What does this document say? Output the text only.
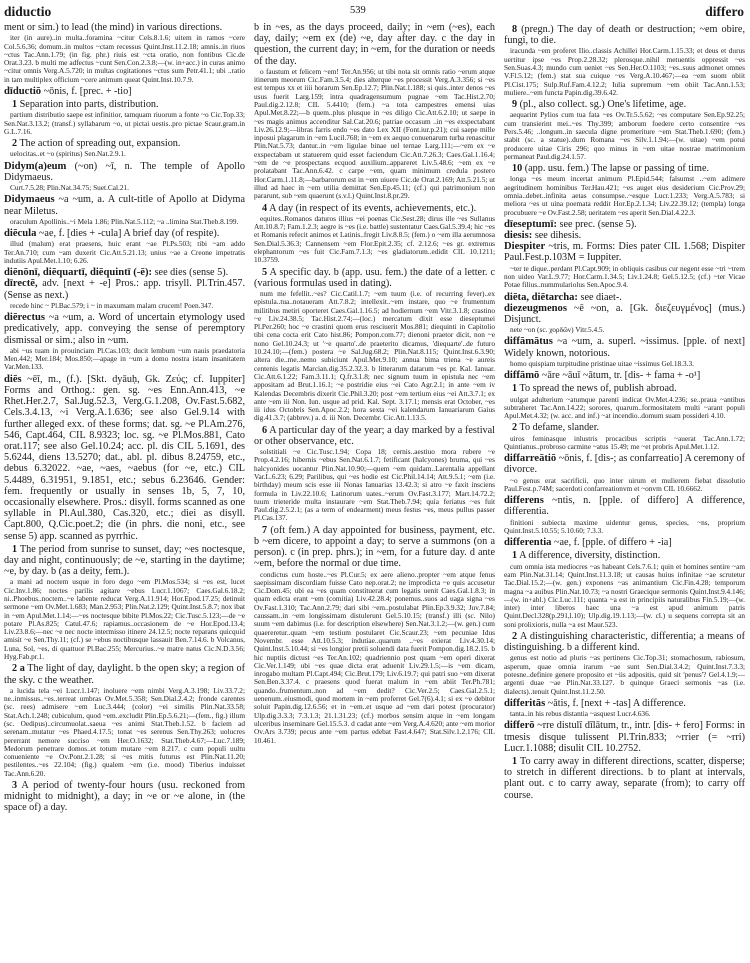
diductio	539	differo

ment or sim.) to lead (the mind) in various directions.

iter (in aure)..in multa..foramina ~citur Cels.8.1.6; uitem in ramos ~cere Col.5.6.36; domum..in multos ~ctam recessus Quint.Inst.11.2.18; amnis..in riuos ~ctus Tac.Ann.1.79; (in fig. phr.) riuis est ~cta oratio, non fontibus Cic.de Orat.3.23. b multi me adfectus ~cunt Sen.Con.2.3.8;—(w. in+acc.) in curas animo ~citur omnis Verg.A.5.720; in multas cogitationes ~ctus sum Petr.41.1; ubi ..ratio in tam multiplex officium ~cere animum queat Quint.Inst.10.7.9.

dīductiō ~ōnis, f. [prec. + -tio]

1 Separation into parts, distribution.

partium distributio saepe est infinitior, tamquam riuorum a fonte ~o Cic.Top.33; Sen.Nat.3.13.2; (transf.) syllabarum ~o, ut pictai uestis..pro pictae Scaur.gram.in G.L.7.16.

2 The action of spreading out, expansion.

uelocitas..et ~o (spiritus) Sen.Nat.2.9.1.

Didym(a)eum (~on) ~ī, n. The temple of Apollo Didymaeus.

Curt.7.5.28; Plin.Nat.34.75; Suet.Cal.21.

Didymaeus ~a ~um, a. A cult-title of Apollo at Didyma near Miletus.

oraculum Apollinis..~i Mela 1.86; Plin.Nat.5.112; ~a ..limina Stat.Theb.8.199.

diēcula ~ae, f. [dies + -cula] A brief day (of respite).

illud (malum) erat praesens, huic erant ~ae Pl.Ps.503; tibi ~am addo Ter.An.710; cum ~am duxerit Cic.Att.5.21.13; unius ~ae a Creone impetratis indutiis Apul.Met.1.10; 6.26.

diēnōnī, diēquartī, diēquintī (-ē): see dies (sense 5).

dīrectē, adv. [next + -e] Pros.: app. trisyll. Pl.Trin.457. (Sense as next.)

recede hinc ~ Pl.Bac.579; i ~ in maxumam malam crucem! Poen.347.

diērectus ~a ~um, a. Word of uncertain etymology used predicatively, app. conveying the sense of peremptory dismissal or sim.; also in ~um.

abi ~us tuam in prouinciam Pl.Cas.103; ducit lembum ~um nauis praedatoria Men.442; Mer.184; Mos.850;—apage in ~um a domo nostra istam insanitatem Var.Men.133.

diēs ~ēī, m., (f.). [Skt. dyāuḥ, Gk. Ζεύς; cf. Iuppiter] Forms and Orthog.: gen. sg. ~es Enn.Ann.413, ~e Rhet.Her.2.7, Sal.Jug.52.3, Verg.G.1.208, Ov.Fast.5.682, Cels.3.4.13, ~i Verg.A.1.636; see also Gel.9.14 with further alleged exx. of these forms; dat. sg. ~e Pl.Am.276, 546, Capt.464, CIL 8.9323; loc. sg. ~e Pl.Mos.881, Cato orat.117; see also Gel.10.24; acc. pl. dis CIL 5.1691, des 5.6244, diens 13.5270; dat., abl. pl. dibus 8.24759, etc., debus 6.32022. ~ae, ~aes, ~aebus (for ~e, etc.) CIL 5.4489, 6.31951, 9.1851, etc.; sebus 6.23646. Gender: fem. frequently or usually in senses 1b, 5, 7, 10, occasionally elsewhere. Pros.: disyll. forms scanned as one syllable in Pl.Aul.380, Cas.320, etc.; diei as disyll. Capt.800, Q.Cic.poet.2; die (in phrs. die noni, etc., see sense 5) app. scanned as pyrrhic.

1 The period from sunrise to sunset, day; ~es noctesque, day and night, continuously; de ~e, starting in the daytime; ~e, by day. b (as a deity, fem.).

a mani ad noctem usque in foro dego ~em Pl.Mos.534; si ~es est, lucet Cic.Inv.1.86; noctes parilis agitare ~ebus Lucr.1.1067; Caes.Gal.6.18.2; ni..Phoebus..noctem..~e labente reducat Verg.A.11.914; Hor.Epod.17.25; detinuit sermone ~em Ov.Met.1.683; Man.2.953; Plin.Nat.2.129; Quint.Inst.5.8.7; nox ibat in ~em Apul.Met.1.14;—~es noctesque bibite Pl.Mos.22; Cic.Tusc.5.123;—de ~e potare Pl.As.825; Catul.47.6; rapiamus..occasionem de ~e Hor.Epod.13.4; Liv.23.8.6;—nec ~e nec nocte intermisso itinere 24.12.5; nocte reparans quicquid amisit ~e Sen.Thy.11; (cf.) se ~ebus noctibusque lassauit Ben.7.14.6. b Volcanus, Luna, Sol, ~es, di quattuor Pl.Bac.255; Mercurius..~e matre natus Cic.N.D.3.56; Hyg.Fab.pr.1.

2 a The light of day, daylight. b the open sky; a region of the sky. c the weather.

a lucida tela ~ei Lucr.1.147; inoluere ~em nimbi Verg.A.3.198; Liv.33.7.2; ne..inmissus..~es..terreat umbras Ov.Met.5.358; Sen.Dial.2.4.2; fronde carentes (sc. rees) admisere ~em Luc.3.444; (color) ~ei similis Plin.Nat.33.58; Stat.Ach.1.248; cubiculum, quod ~em..excludit Plin.Ep.5.6.21;—(fem., fig.) illum (sc. Oedipus)..circumuolat..saeua ~es animi Stat.Theb.1.52. b faciem ad serenam..mutatur ~es Phaed.4.17.5; tonat ~es serenus Sen.Thy.263; uolucres pererrant nemore succiso ~em Her.O.1632; Stat.Theb.4.67;—Luc.7.189; Medorum penetrare domos..et totum mutare ~em 8.217. c cum populi uultu conueniente ~e Ov.Pont.2.1.28; si ~es mitis futurus est Plin.Nat.11.20; pestilentes..~es 22.104; (fig.) qualem ~em (i.e. mood) Tiberius induisset Tac.Ann.6.20.

3 A period of twenty-four hours (usu. reckoned from midnight to midnight), a day; in ~e or ~e alone, in (the space of) a day.

b in ~es, as the days proceed, daily; in ~em (~es), each day, daily; ~em ex (de) ~e, day after day. c the day in question, the current day; in ~em, for the duration or needs of the day.

o faustum et felicem ~em! Ter.An.956; ut tibi nota sit omnis ratio ~erum atque itinerum meorum Cic.Fam.3.5.4; dies alterque ~es processit Verg.A.3.356; si ~es est tempus xx et iiii horarum Sen.Ep.12.7; Plin.Nat.1.188; si quis..inter denos ~es usus fuerit Larg.159; intra quadragensumum pugnae ~em Tac.Hist.2.70; Paul.dig.2.12.8; CIL 5.4410; (fem.) ~a tota campestres emensi uias Apul.Met.8.22;—b quem..plus plusque in ~es diligo Cic.Att.6.2.10; ut saepe in ~es magis animus accenditur Sal.Cat.20.6; patriae occasum ..in ~es exspectabant Liv.26.12.9;—libras farris endo ~es dato Lex XII (Font.iur.p.21); cui saepe mille inposui plagarum in ~em Lucil.768; in ~em ex aequo conuenarum turba renascitur Plin.Nat.5.73; dantur..in ~em ligulae binae uel ternae Larg.111;—~em ex ~e exspectabam ut statuerem quid esset faciendum Cic.Att.7.26.3; Caes.Gal.1.16.4; ~em de ~e prospectans ecquod auxilium..appareret Liv.5.48.6; ~em ex ~e prolatabant Tac.Ann.6.42. c carpe ~em, quam minimum credula postero Hor.Carm.1.11.8;—barbarorum est in ~em uiuere Cic.de Orat.2.169; Att.5.21.5; ut illud ad haec in ~em utilia demittat Sen.Ep.45.11; (cf.) qui patrimonium non pararunt, sub ~em quaerunt (s.v.l.) Quint.Inst.8.pr.29.

4 A day (in respect of its events, achievements, etc.).

equites..Romanos daturos illius ~ei poenas Cic.Sest.28; dirus ille ~es Sullanus Att.10.8.7; Fam.1.2.3; aegre is ~es (i.e. battle) sustentatur Caes.Gal.5.39.4; hic ~es et Romanis refecit animos et Latinis..fregit Liv.8.8.5; (fem.) o ~em illa aerumnosa Sen.Dial.5.36.3; Cannensem ~em Flor.Epit.2.35; cf. 2.12.6; ~es gr. extremus elephantorum ~es fuit Cic.Fam.7.1.3; ~es gladiatorum..edidit CIL 10.1211; 10.3759.

5 A specific day. b (app. usu. fem.) the date of a letter. c (various formulas used in dating).

num me fefellit..~es? Cic.Catil.1.7; ~em tuum (i.e. of recurring fever)..ex epistula..tua..notaueram Att.7.8.2; intellexit..~em instare, quo ~e frumentum militibus metiri oporteret Caes.Gal.1.16.5; ad hodiernum ~em Vitr.3.1.8; crastino ~e Liv.24.38.5; Tac.Hist.2.74;—(loc.) mercatum dixit esse dieseptumei Pl.Per.260; hoc ~e crastini quom erus resciuerit Mos.881; diequinti in Capitolio tibi cena cocta erit Cato hist.86; Pompon.com.77; dienoni praetor dicit, non ~e nono Gel.10.24.3; ut '~e quarto'..de praeterito dicamus, 'diequarte'..de futuro 10.24.10;—(fem.) postera ~e Sal.Jug.68.2; Plin.Nat.8.115; Quint.Inst.6.3.90; altera die..me..nemo subiciunt Apul.Met.9.10; annua bima triena ~e aureis centenis legatis Marcian.dig.35.2.32.3. b litterarum datarum ~es pr. Kal. Ianuar. Cic.Att.6.1.22; Fam.3.11.1; Q.fr.3.1.8; nec signum tuum in epistula nec ~em appositam ad Brut.1.16.1; ~e postridie eius ~ei Cato Agr.2.1; in ante ~em iv Kalendas Decembris dixerit Cic.Phil.3.20; post ~em tertium eius ~ei Att.3.7.1; ex ante ~em iii Non. Iun. usque ad prid. Kal. Sept. 3.17.1; mensis erat October, ~es iii idus Octobris Sen.Apoc.2.2; hora sexta ~ei kalendarum Ianuariarum Gaius dig.41.3.7; (abbrev.) a. d. iii Non. Decembr. Cic.Att.1.13.5.

6 A particular day of the year; a day marked by a festival or other observance, etc.

solstitiali ~e Cic.Tusc.1.94; Copa 18; cernis..aestiuo mora rubere ~e Prop.4.2.16; hibernis ~ebus Sen.Nat.6.1.7; fetificant (halcyones) bruma, qui ~es halcyonides uocantur Plin.Nat.10.90;—quem ~em quidam..Larentalia appellant Var.L.6.23; 6.29; Parilibus, qui ~es hodie est Cic.Phil.14.14; Att.9.5.1; ~em (i.e. birthday) meum scis esse iii Nonas Ianuarias 13.42.3; si atro ~e faxit insciens formula in Liv.22.10.6; Latinorum uates..~erum Ov.Fast.3.177; Mart.14.72.2; tuum trieteride multa instaurare ~em Stat.Theb.7.94; quia feriatus ~es fuit Paul.dig.2.5.2.1; (as a term of endearment) meus festus ~es, meus pullus passer Pl.Cas.137.

7 (oft fem.) A day appointed for business, payment, etc. b ~em dicere, to appoint a day; to serve a summons (on a person). c (in prep. phrs.); in ~em, for a future day. d ante ~em, before the normal or due time.

condictus cum hoste..~es Pl.Cur.5; ex aere alieno..propter ~em atque fenus saepissimam discordiam fuisse Cato nep.orat.2; ne improdicta ~e quis accusetur Cic.Dom.45; ubi ea ~es quam constituerat cum legatis uenit Caes.Gal.1.8.3; in quam edicta erant ~em (comitia) Liv.42.28.4; ponemus..suos ad uaga signa ~es Ov.Fast.1.310; Tac.Ann.2.79; dari sibi ~em..postulabat Plin.Ep.3.9.32; Juv.7.84; caussam..in ~em longissimam distulerunt Gel.5.10.15; (transf.) illi (sc. Nilo) suum ~em dabimus (i.e. for description elsewhere) Sen.Nat.3.1.2;—(w. gen.) cum quaereretur..quam ~em testium postularet Cic.Scaur.23; ~em pecuniae Idus Novembr. esse Att.10.5.3; indutiae..quarum ..~es exierat Liv.4.30.14; Quint.Inst.5.10.44; si ~es longior pretii soluendi data fuerit Pompon.dig.18.2.15. b hic nuptiis dictust ~es Ter.An.102; quadriennio post quam ~em operi dixerat Cic.Ver.1.149; ubi ~es quae dicta erat aduenit Liv.29.1.5;—is ~em dicam, inrogabo multam Pl.Capt.494; Cic.Brut.179; Liv.6.19.7; qui patri suo ~em dixerat Sen.Ben.3.37.4. c praesens quod fuerat malum in ~em abiit Ter.Ph.781; quando..frumentum..non ad ~em dedit? Cic.Ver.2.5; Caes.Gal.2.5.1; uenenum..eiusmodi, quod mortem in ~em proferret Gel.7(6).4.1; si ex ~e debitor soluit Papin.dig.12.6.56; et in ~em..et usque ad ~em dari potest (procurator) Ulp.dig.3.3.3; 7.3.1.3; 21.1.31.23; (cf.) morbos sensim atque in ~em longam ulceribus inseminare Gel.15.5.3. d cadat ante ~em Verg.A.4.620; ante ~em morior Ov.Ars 3.739; pecus ante ~em partus edebat Fast.4.647; Stat.Silv.1.2.176; CIL 10.461.

8 (pregn.) The day of death or destruction; ~em obire, fungi, to die.

iracunda ~em proferet Ilio..classis Achillei Hor.Carm.1.15.33; et deus et durus uertitur ipse ~es Prop.2.28.32; plerosque..nihil metuentis oppressit ~es Sen.Suas.4.3; mundo cum ueniet ~es Sen.Her.O.1103; ~es..suus admonet omnes V.Fl.5.12; (fem.) stat sua cuique ~es Verg.A.10.467;—ea ~em suom obiit Pl.Cist.175; Sulp.Ruf.Fam.4.12.2; Iulia supremum ~em obiit Tac.Ann.1.53; muliere..~em functa Papin.dig.39.6.42.

9 (pl., also collect. sg.) One's lifetime, age.

aequarint Pylios cum tua fata ~es Ov.Tr.5.5.62; ~es computare Sen.Ep.92.25; cum transierint mei..~es Thy.399; amborum foedere certo consentire ~es Pers.5.46; ..longum..in saecula digne promeriture ~em Stat.Theb.1.690; (fem.) stabit (sc. a statue)..dum Romana ~es Silv.1.1.94;—(w. uitae) ~em potui producere uitae Ciris 296; quo minus in ~em uitae nostrae matrimonium permaneat Paul.dig.24.1.57.

10 (app. usu. fem.) The lapse or passing of time.

longa ~es meum incertat animum Pl.Epid.544; falsumst ..~em adimere aegritudinem hominibus Ter.Hau.421; ~es auget eius desiderium Cic.Prov.29; omnia..debet..infinita aetas consumpse..~esque Lucr.1.233; Verg.A.5.783; si meliora ~es ut uina poemata reddit Hor.Ep.2.1.34; Liv.22.39.12; (templa) longa procubuere ~e Ov.Fast.2.58; ueritatem ~es aperit Sen.Dial.4.22.3.

dīeseptumī: see prec. (sense 5).

diesis: see dihesis.

Diespiter ~tris, m. Forms: Dies pater CIL 1.568; Dispiter Paul.Fest.p.103M = Iuppiter.

~ter te dique..perdant Pl.Capt.909; in obliquis casibus cur negent esse ~tri ~trem non uideo Var.L.9.77; Hor.Carm.1.34.5; Liv.1.24.8; Gel.5.12.5; (cf.) ~ter Vicae Potae filius..nummulariolus Sen.Apoc.9.4.

diēta, diētarcha: see diaet-.

diezeugmenos ~ē ~on, a. [Gk. διεζευγμένος] (mus.) Disjunct.

nete ~on (sc. χορδῶν) Vitr.5.4.5.

diffāmātus ~a ~um, a. superl. ~issimus. [pple. of next] Widely known, notorious.

homo quispiam turpitudine pristinae uitae ~issimus Gel.18.3.3.

diffāmō ~āre ~āuī ~ātum, tr. [dis- + fama + -o¹]

1 To spread the news of, publish abroad.

uulgat adulterium ~atumque parenti indicat Ov.Met.4.236; se..praua ~antibus subtraheret Tac.Ann.14.22; sorores, quarum..formositatem multi ~arant populi Apul.Met.4.32; (w. acc. and inf.) ~at incendio..domum suam possideri 4.10.

2 To defame, slander.

uiros feminasque inlustris procacibus scriptis ~auerat Tac.Ann.1.72; Quintianus..probroso carmine ~atus 15.49; me ~et probris Apul.Met.1.12.

diffarreātiō ~ōnis, f. [dis-; as confarreatio] A ceremony of divorce.

~o genus erat sacrificii, quo inter uirum et mulierem fiebat dissolutio Paul.Fest.p.74M; sacerdoti confarreationvm et ~onvm CIL 10.6662.

differens ~ntis, n. [pple. of differo] A difference, differentia.

finitioni subiecta maxime uidentur genus, species, ~ns, proprium Quint.Inst.5.10.55; 5.10.60; 7.3.3.

differentia ~ae, f. [pple. of differo + -ia]

1 A difference, diversity, distinction.

cum omnia ista mediocres ~as habeant Cels.7.6.1; quin et homines sentire ~am eam Plin.Nat.31.14; Quint.Inst.11.3.18; ut causas huius infinitae ~ae scrutetur Tac.Dial.15.2;—(w. gen.) exponens ~as animantium Cic.Fin.4.28; temporum magna ~a auibus Plin.Nat.10.73; ~a nostri Graecique sermonis Quint.Inst.9.4.146;—(w. in+abl.) Cic.Luc.111; quanta ~a est in principiis naturalibus Fin.5.19;—(w. inter) inter liberos haec una ~a est apud animum patris Quint.Decl.328(p.291,l.10); Ulp.dig.19.1.13;—(w. cl.) u sequens correpta sit an soni prolixioris, nulla ~a est Maur.523.

2 A distinguishing characteristic, differentia; a means of distinguishing. b a different kind.

genus est notio ad pluris ~as pertinens Cic.Top.31; stomachosum, rabiosum, asperum, quae omnia irarum ~ae sunt Sen.Dial.3.4.2; Quint.Inst.7.3.3; potesne..definire genere proposito et ~iis adpositis, quid sit 'penus'? Gel.4.1.9;—argenti duae ~ae Plin.Nat.33.127. b quinque Graeci sermonis ~as (i.e. dialects)..tenuit Quint.Inst.11.2.50.

differitās ~ātis, f. [next + -tas] A difference.

tanta..in his rebus distantia ~asquest Lucr.4.636.

differō ~rre distulī dīlātum, tr., intr. [dis- + fero] Forms: in tmesis disque tulissent Pl.Trin.833; ~rrier (= ~rri) Lucr.1.1088; disulit CIL 10.2752.

1 To carry away in different directions, scatter, disperse; to stretch in different directions. b to plant at intervals, plant out. c to carry away, separate (from); to carry off course.
